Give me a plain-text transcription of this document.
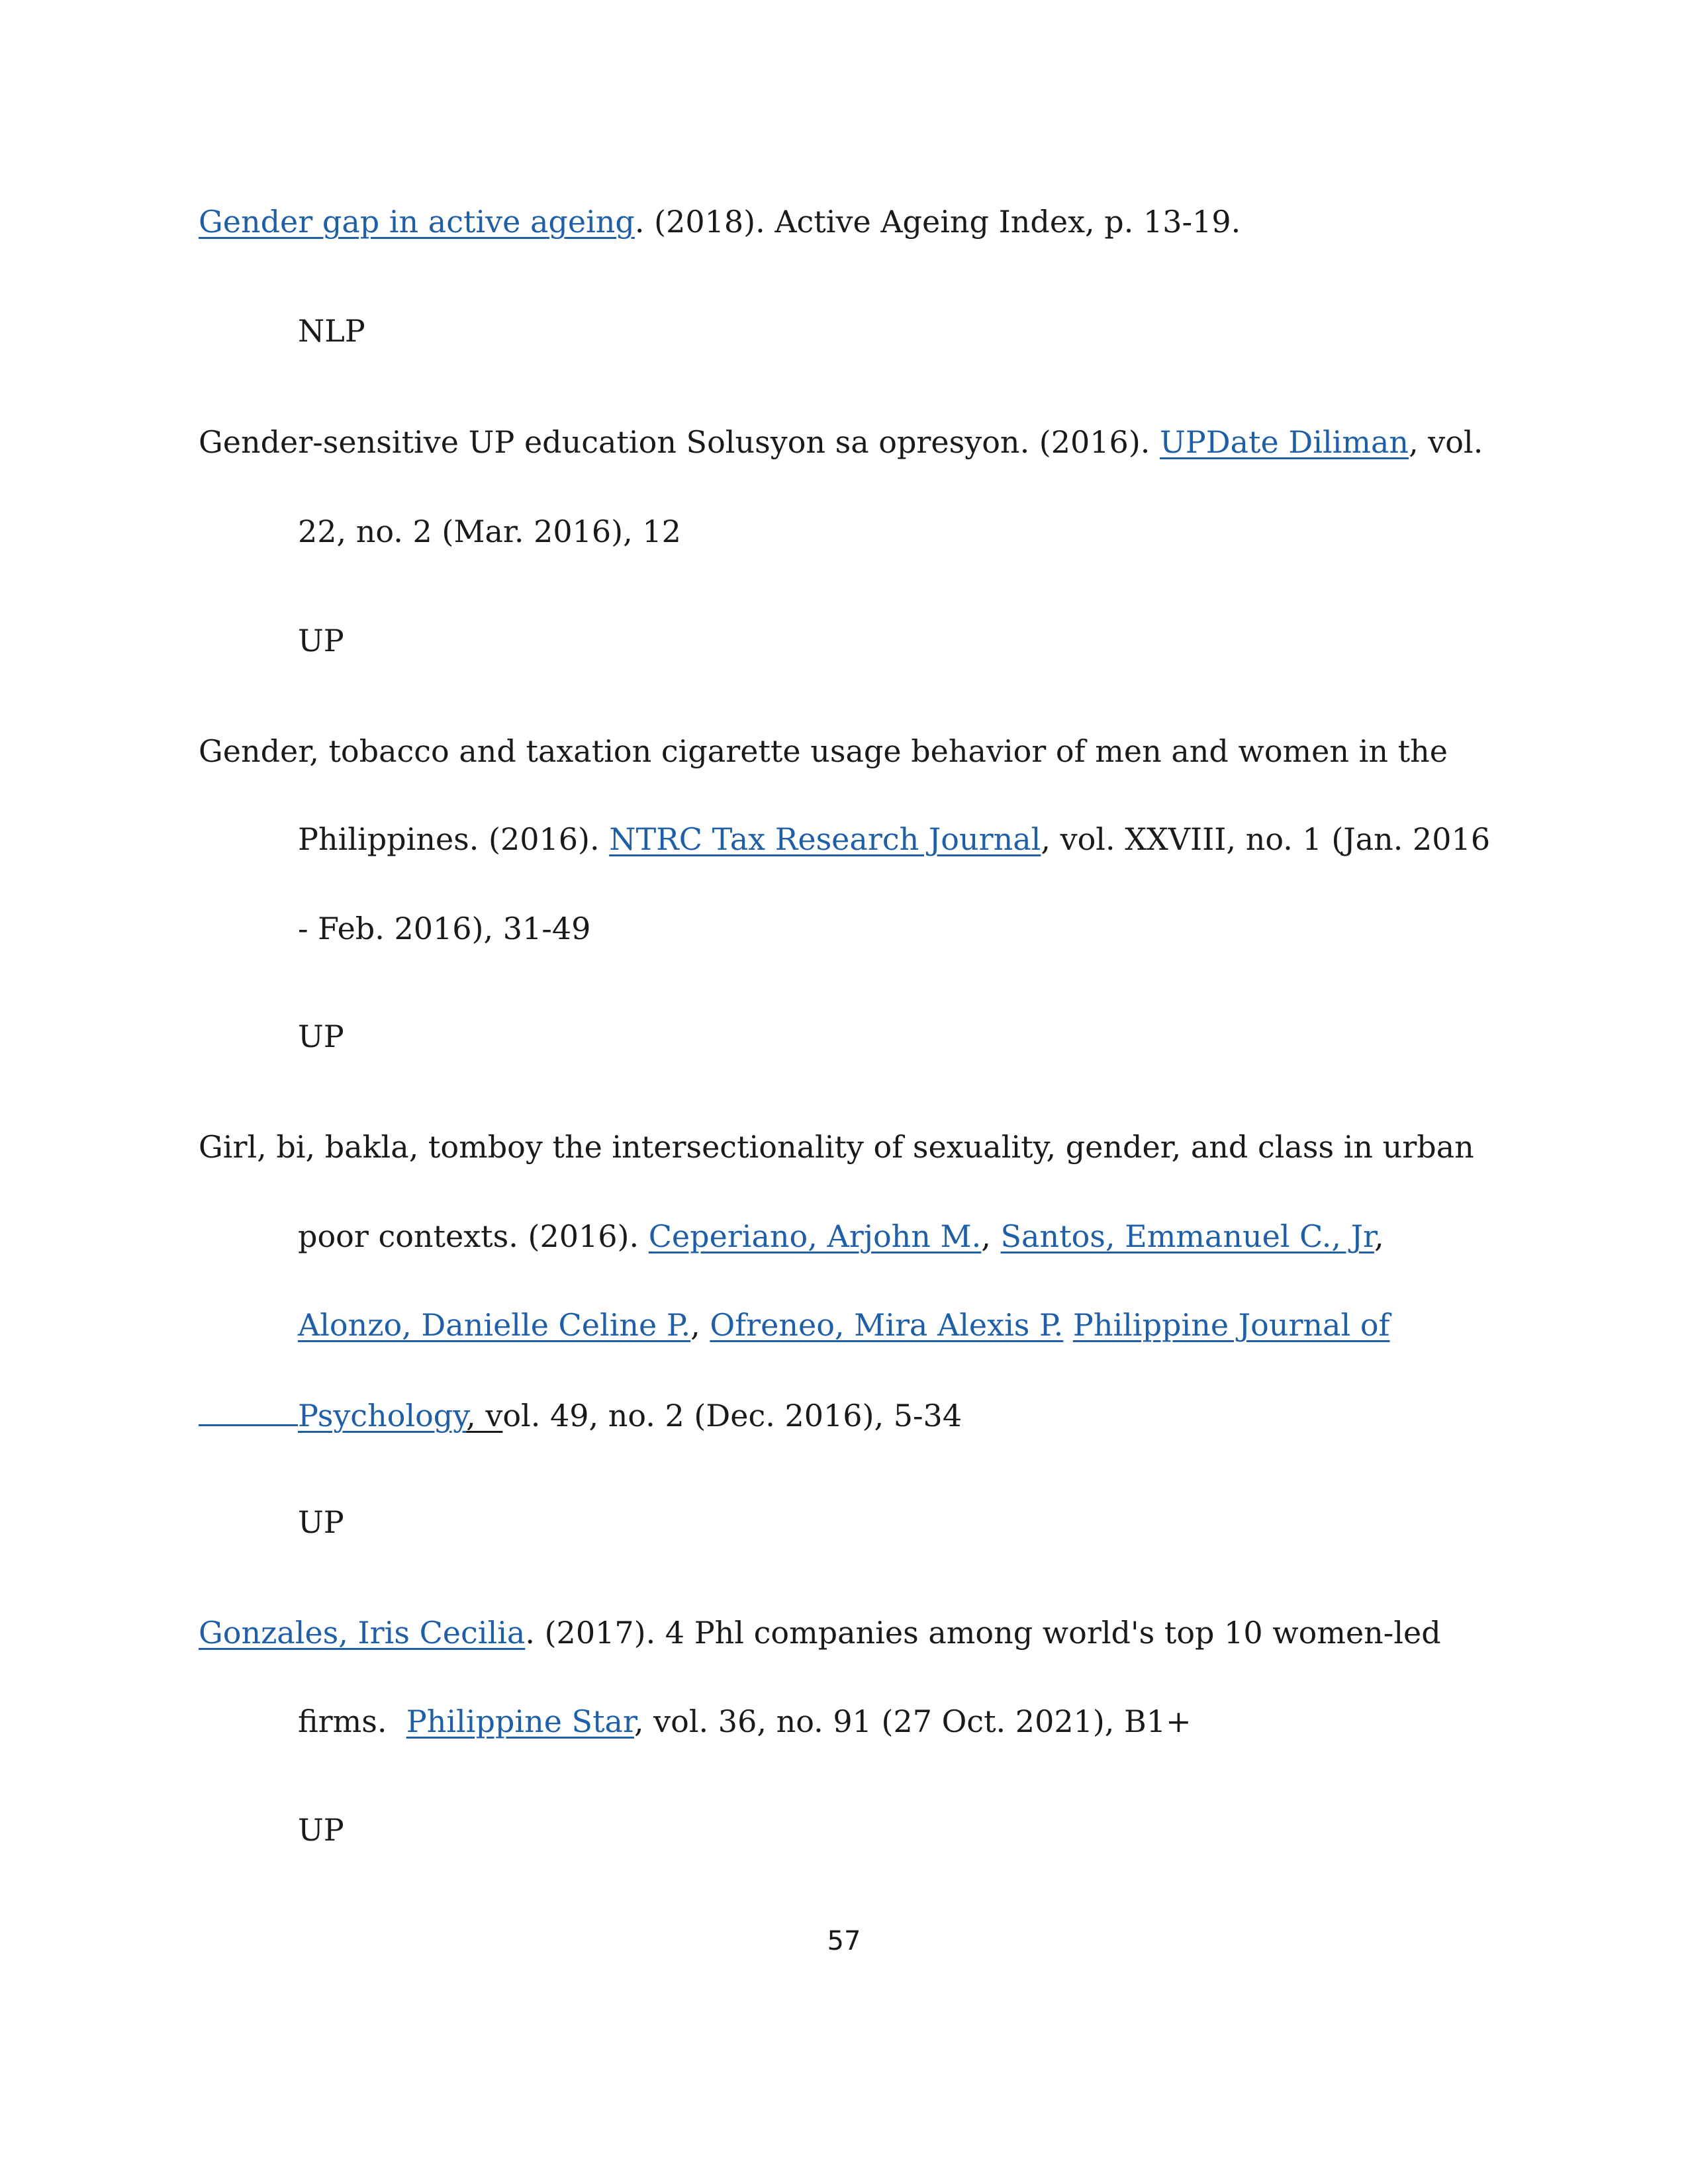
Gender gap in active ageing. (2018). Active Ageing Index, p. 13-19.
NLP
Gender-sensitive UP education Solusyon sa opresyon. (2016). UPDate Diliman, vol.
22, no. 2 (Mar. 2016), 12
UP
Gender, tobacco and taxation cigarette usage behavior of men and women in the
Philippines. (2016). NTRC Tax Research Journal, vol. XXVIII, no. 1 (Jan. 2016
- Feb. 2016), 31-49
UP
Girl, bi, bakla, tomboy the intersectionality of sexuality, gender, and class in urban
poor contexts. (2016). Ceperiano, Arjohn M., Santos, Emmanuel C., Jr,
Alonzo, Danielle Celine P., Ofreneo, Mira Alexis P. Philippine Journal of
Psychology, vol. 49, no. 2 (Dec. 2016), 5-34
UP
Gonzales, Iris Cecilia. (2017). 4 Phl companies among world's top 10 women-led
firms.  Philippine Star, vol. 36, no. 91 (27 Oct. 2021), B1+
UP
57
